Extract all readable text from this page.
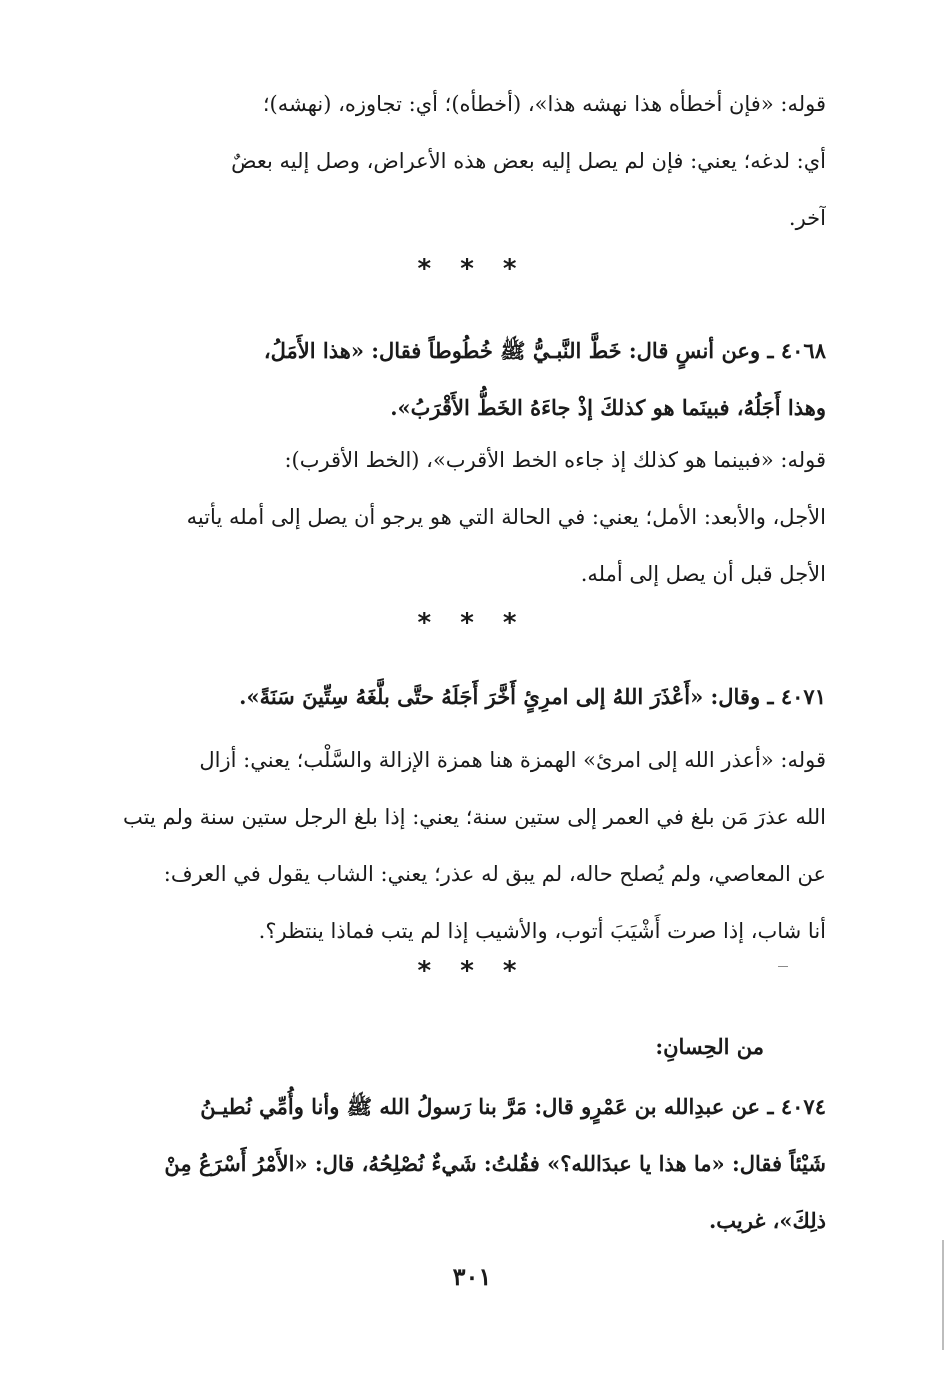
قوله: «فإن أخطأه هذا نهشه هذا»، (أخطأه)؛ أي: تجاوزه، (نهشه)؛
أي: لدغه؛ يعني: فإن لم يصل إليه بعض هذه الأعراض، وصل إليه بعضٌ
آخر.
* * *
٤٠٦٨ ـ وعن أنسٍ قال: خَطَّ النَّبـيُّ ﷺ خُطُوطاً فقال: «هذا الأَمَلُ،
وهذا أَجَلُهُ، فبينَما هو كذلكَ إذْ جاءَهُ الخَطُّ الأَقْرَبُ».
قوله: «فبينما هو كذلك إذ جاءه الخط الأقرب»، (الخط الأقرب):
الأجل، والأبعد: الأمل؛ يعني: في الحالة التي هو يرجو أن يصل إلى أمله يأتيه
الأجل قبل أن يصل إلى أمله.
* * *
٤٠٧١ ـ وقال: «أَعْذَرَ اللهُ إلى امرِئٍ أَخَّرَ أَجَلَهُ حتَّى بلَّغَهُ سِتِّينَ سَنَةً».
قوله: «أعذر الله إلى امرئ» الهمزة هنا همزة الإزالة والسَّلْب؛ يعني: أزال
الله عذرَ مَن بلغ في العمر إلى ستين سنة؛ يعني: إذا بلغ الرجل ستين سنة ولم يتب
عن المعاصي، ولم يُصلح حاله، لم يبق له عذر؛ يعني: الشاب يقول في العرف:
أنا شاب، إذا صرت أَشْيَبَ أتوب، والأشيب إذا لم يتب فماذا ينتظر؟.
* * *
من الحِسانِ:
٤٠٧٤ ـ عن عبدِالله بن عَمْرٍو قال: مَرَّ بنا رَسولُ الله ﷺ وأنا وأُمِّي نُطيـنُ
شَيْئاً فقال: «ما هذا يا عبدَالله؟» فقُلتُ: شَيءٌ نُصْلِحُهُ، قال: «الأَمْرُ أَسْرَعُ مِنْ
ذلِكَ»، غريب.
٣٠١
